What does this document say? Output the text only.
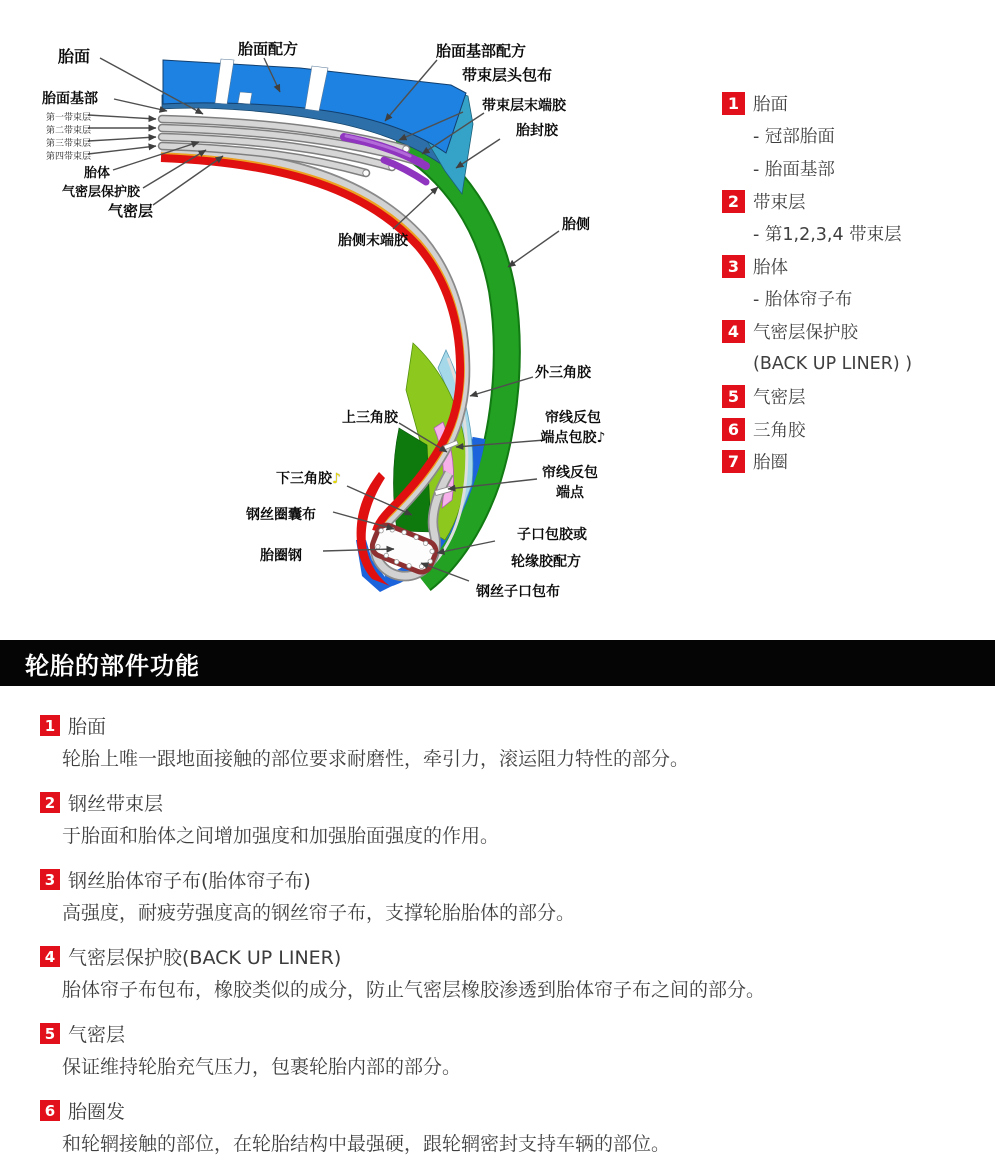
胎面	胎面配方	胎面基部配方
带束层头包布
带束层末端胶
胎封胶
胎面基部
第一带束层
第二带束层
第三带束层
第四带束层
胎体
气密层保护胶
气密层
胎侧末端胶
胎侧
外三角胶
上三角胶	帘线反包
端点包胶♪
下三角胶♪	帘线反包
端点
钢丝圈囊布
胎圈钢
子口包胶或
轮缘胶配方
钢丝子口包布
1 胎面
- 冠部胎面
- 胎面基部
2 带束层
- 第1,2,3,4 带束层
3 胎体
- 胎体帘子布
4 气密层保护胶
(BACK UP LINER) )
5 气密层
6 三角胶
7 胎圈
轮胎的部件功能
1 胎面
轮胎上唯一跟地面接触的部位要求耐磨性，牵引力，滚运阻力特性的部分。
2 钢丝带束层
于胎面和胎体之间增加强度和加强胎面强度的作用。
3 钢丝胎体帘子布(胎体帘子布)
高强度，耐疲劳强度高的钢丝帘子布，支撑轮胎胎体的部分。
4 气密层保护胶(BACK UP LINER)
胎体帘子布包布，橡胶类似的成分，防止气密层橡胶渗透到胎体帘子布之间的部分。
5 气密层
保证维持轮胎充气压力，包裹轮胎内部的部分。
6 胎圈发
和轮辋接触的部位，在轮胎结构中最强硬，跟轮辋密封支持车辆的部位。
